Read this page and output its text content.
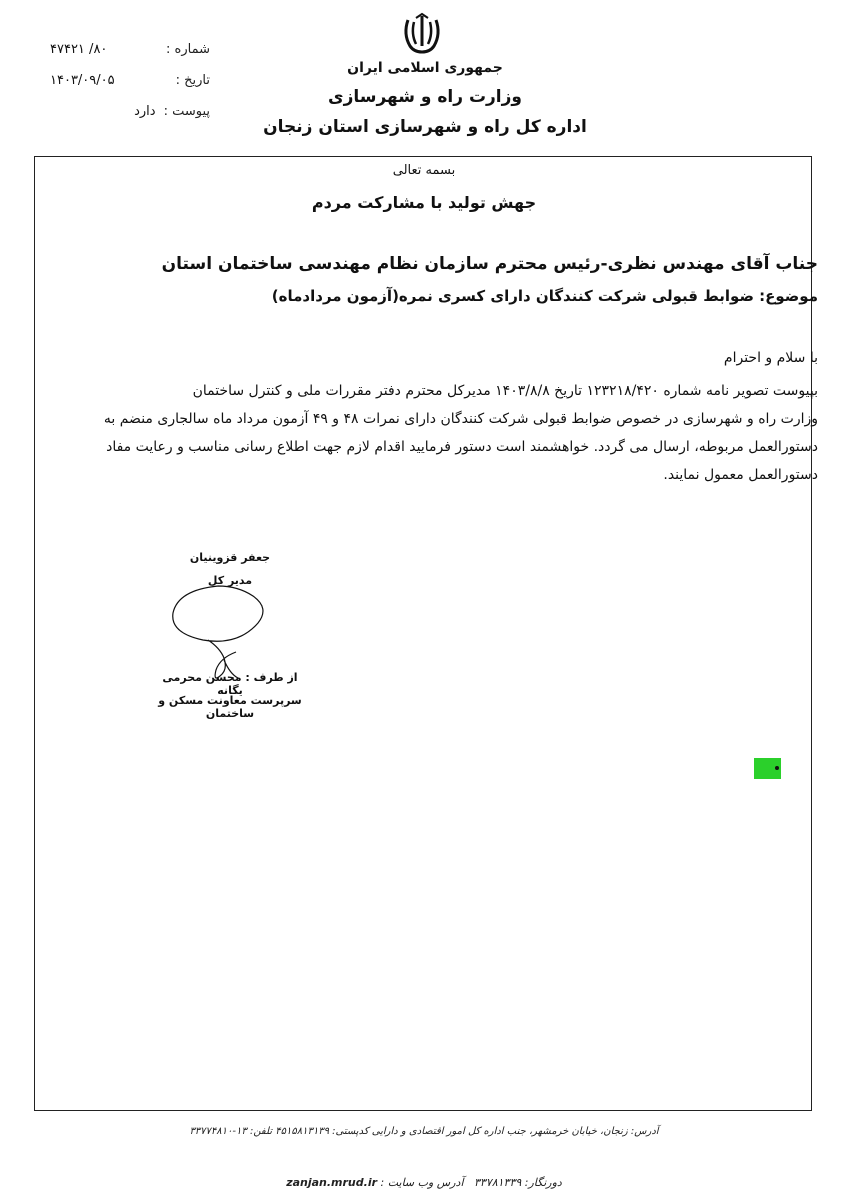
شماره :
۸۰/ ۴۷۴۲۱
تاریخ :
۱۴۰۳/۰۹/۰۵
پیوست :
دارد
جمهوری اسلامی ایران
وزارت راه و شهرسازی
اداره کل راه و شهرسازی استان زنجان
بسمه تعالی
جهش تولید با مشارکت مردم
جناب آقای مهندس نظری-رئیس محترم سازمان نظام مهندسی ساختمان استان
موضوع: ضوابط قبولی شرکت کنندگان دارای کسری نمره(آزمون مردادماه)
با سلام و احترام
بپیوست تصویر نامه شماره ۱۲۳۲۱۸/۴۲۰ تاریخ ۱۴۰۳/۸/۸ مدیرکل محترم دفتر مقررات ملی و کنترل ساختمان
وزارت راه و شهرسازی در خصوص ضوابط قبولی شرکت کنندگان دارای نمرات ۴۸ و ۴۹ آزمون مرداد ماه سالجاری منضم به
دستورالعمل مربوطه، ارسال می گردد. خواهشمند است دستور فرمایید اقدام لازم جهت اطلاع رسانی مناسب و رعایت مفاد
دستورالعمل معمول نمایند.
جعفر قزوینیان
مدیر کل
از طرف : محسن محرمی یگانه
سرپرست معاونت مسکن و ساختمان
آدرس: زنجان، خیابان خرمشهر، جنب اداره کل امور اقتصادی و دارایی کدپستی: ۴۵۱۵۸۱۳۱۳۹ تلفن: ۱۳-۳۳۷۷۴۸۱۰
دورنگار: ۳۳۷۸۱۳۳۹   آدرس وب سایت : zanjan.mrud.ir
